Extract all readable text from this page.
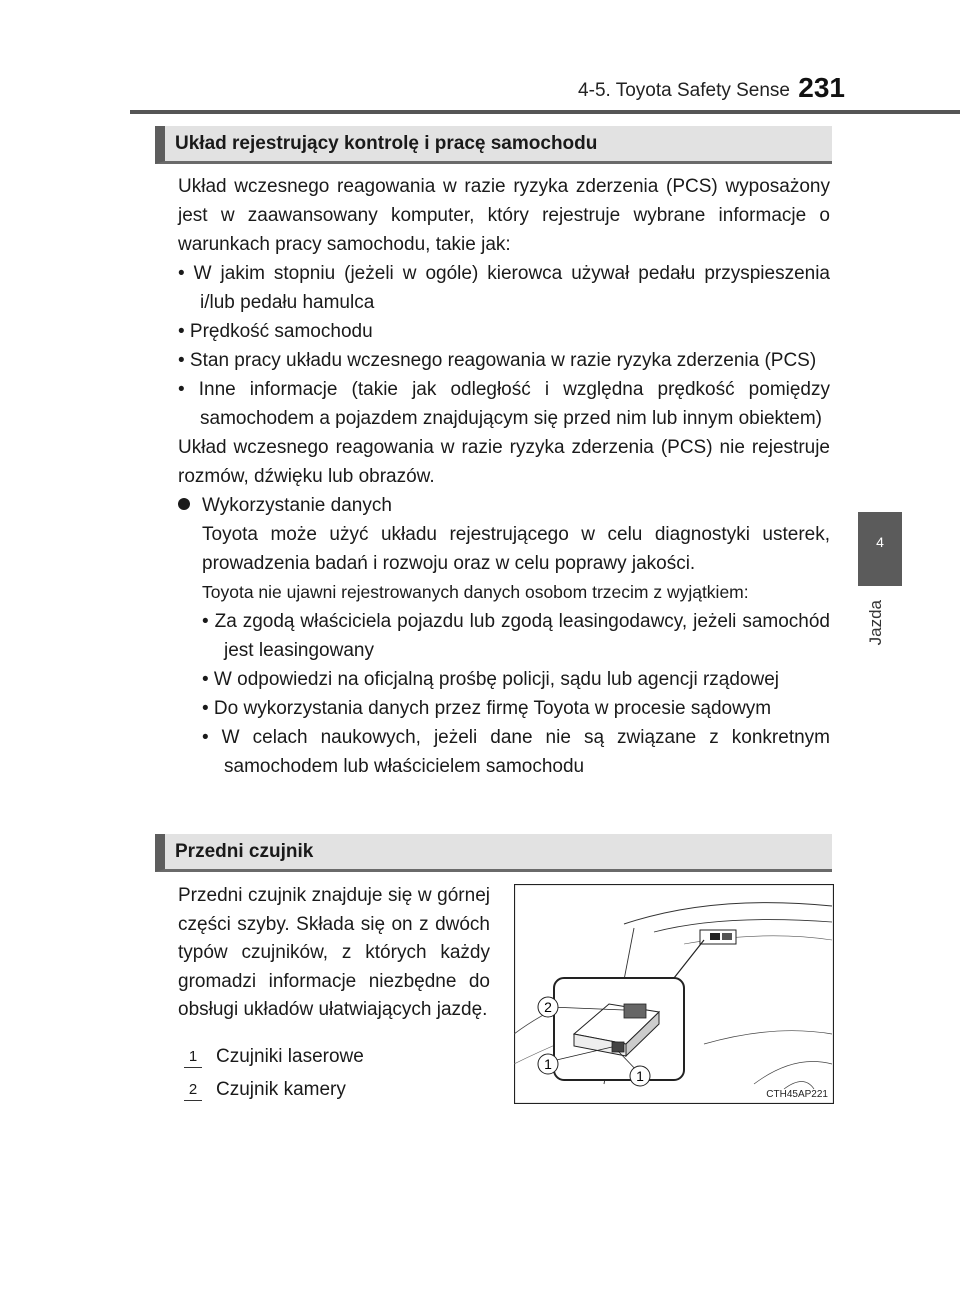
4-5. Toyota Safety Sense 231
4
Jazda
Układ rejestrujący kontrolę i pracę samochodu

Układ wczesnego reagowania w razie ryzyka zderzenia (PCS) wyposażony jest w zaawansowany komputer, który rejestruje wybrane informacje o warunkach pracy samochodu, takie jak:

• W jakim stopniu (jeżeli w ogóle) kierowca używał pedału przyspieszenia i/lub pedału hamulca

• Prędkość samochodu

• Stan pracy układu wczesnego reagowania w razie ryzyka zderzenia (PCS)

• Inne informacje (takie jak odległość i względna prędkość pomiędzy samochodem a pojazdem znajdującym się przed nim lub innym obiektem)

Układ wczesnego reagowania w razie ryzyka zderzenia (PCS) nie rejestruje rozmów, dźwięku lub obrazów.

Wykorzystanie danych

Toyota może użyć układu rejestrującego w celu diagnostyki usterek, prowadzenia badań i rozwoju oraz w celu poprawy jakości.

Toyota nie ujawni rejestrowanych danych osobom trzecim z wyjątkiem:

• Za zgodą właściciela pojazdu lub zgodą leasingodawcy, jeżeli samochód jest leasingowany

• W odpowiedzi na oficjalną prośbę policji, sądu lub agencji rządowej

• Do wykorzystania danych przez firmę Toyota w procesie sądowym

• W celach naukowych, jeżeli dane nie są związane z konkretnym samochodem lub właścicielem samochodu

Przedni czujnik
Przedni czujnik znajduje się w górnej części szyby. Składa się on z dwóch typów czujników, z których każdy gromadzi informacje niezbędne do obsługi układów ułatwiających jazdę.
1 Czujniki laserowe
2 Czujnik kamery
2
1
1
CTH45AP221
